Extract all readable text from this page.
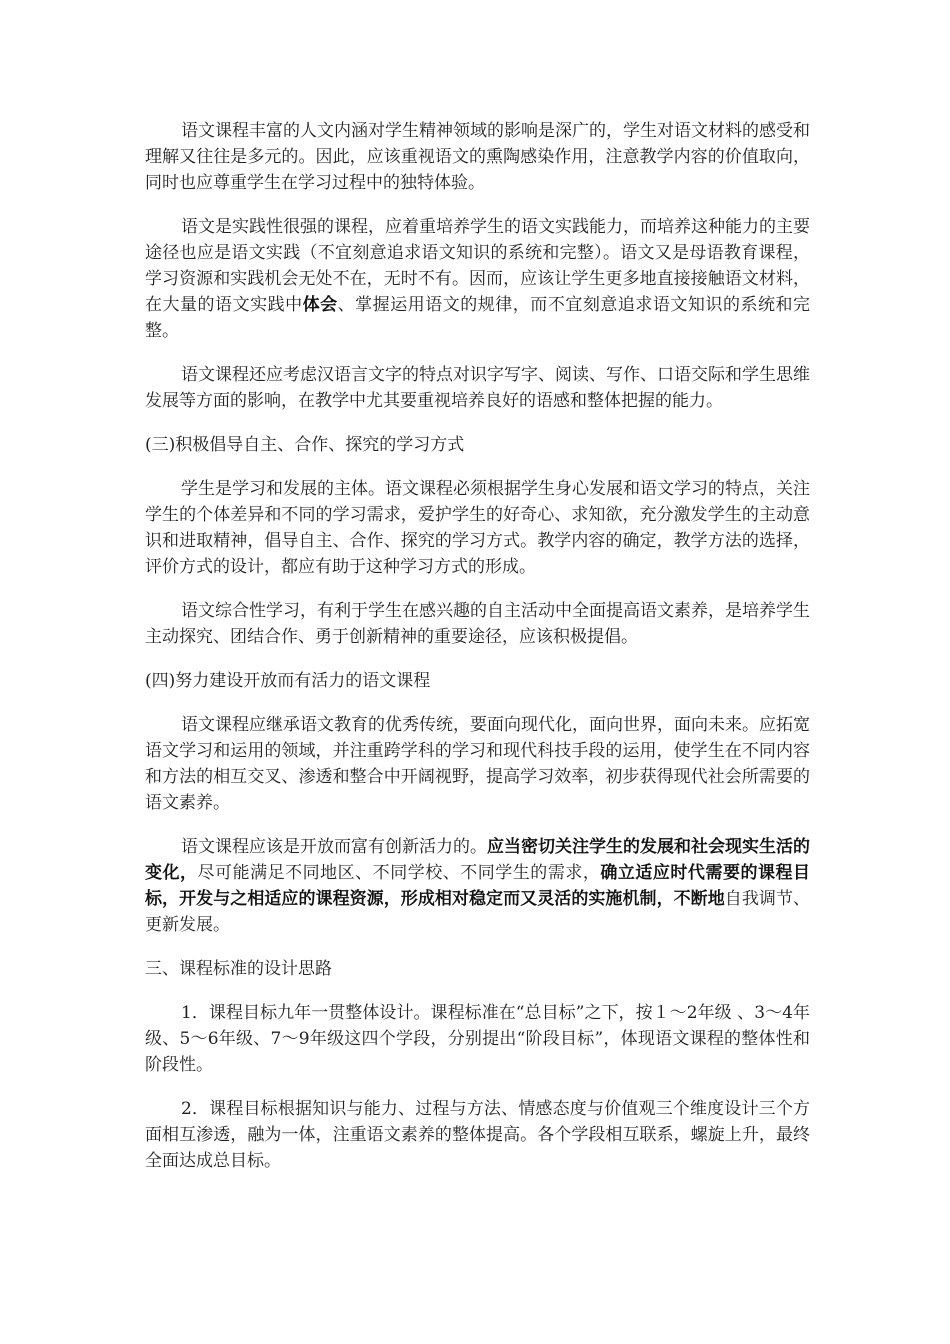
语文课程丰富的人文内涵对学生精神领域的影响是深广的，学生对语文材料的感受和理解又往往是多元的。因此，应该重视语文的熏陶感染作用，注意教学内容的价值取向，同时也应尊重学生在学习过程中的独特体验。

语文是实践性很强的课程，应着重培养学生的语文实践能力，而培养这种能力的主要途径也应是语文实践（不宜刻意追求语文知识的系统和完整）。语文又是母语教育课程，学习资源和实践机会无处不在，无时不有。因而，应该让学生更多地直接接触语文材料，在大量的语文实践中体会、掌握运用语文的规律，而不宜刻意追求语文知识的系统和完整。

语文课程还应考虑汉语言文字的特点对识字写字、阅读、写作、口语交际和学生思维发展等方面的影响，在教学中尤其要重视培养良好的语感和整体把握的能力。

(三)积极倡导自主、合作、探究的学习方式

学生是学习和发展的主体。语文课程必须根据学生身心发展和语文学习的特点，关注学生的个体差异和不同的学习需求，爱护学生的好奇心、求知欲，充分激发学生的主动意识和进取精神，倡导自主、合作、探究的学习方式。教学内容的确定，教学方法的选择，评价方式的设计，都应有助于这种学习方式的形成。

语文综合性学习，有利于学生在感兴趣的自主活动中全面提高语文素养，是培养学生主动探究、团结合作、勇于创新精神的重要途径，应该积极提倡。

(四)努力建设开放而有活力的语文课程

语文课程应继承语文教育的优秀传统，要面向现代化，面向世界，面向未来。应拓宽语文学习和运用的领域，并注重跨学科的学习和现代科技手段的运用，使学生在不同内容和方法的相互交叉、渗透和整合中开阔视野，提高学习效率，初步获得现代社会所需要的语文素养。

语文课程应该是开放而富有创新活力的。应当密切关注学生的发展和社会现实生活的变化，尽可能满足不同地区、不同学校、不同学生的需求，确立适应时代需要的课程目标，开发与之相适应的课程资源，形成相对稳定而又灵活的实施机制，不断地自我调节、更新发展。

三、课程标准的设计思路

1．课程目标九年一贯整体设计。课程标准在“总目标”之下，按１～2年级 、3～4年级、5～6年级、7～9年级这四个学段，分别提出“阶段目标”，体现语文课程的整体性和阶段性。

2．课程目标根据知识与能力、过程与方法、情感态度与价值观三个维度设计三个方面相互渗透，融为一体，注重语文素养的整体提高。各个学段相互联系，螺旋上升，最终全面达成总目标。
